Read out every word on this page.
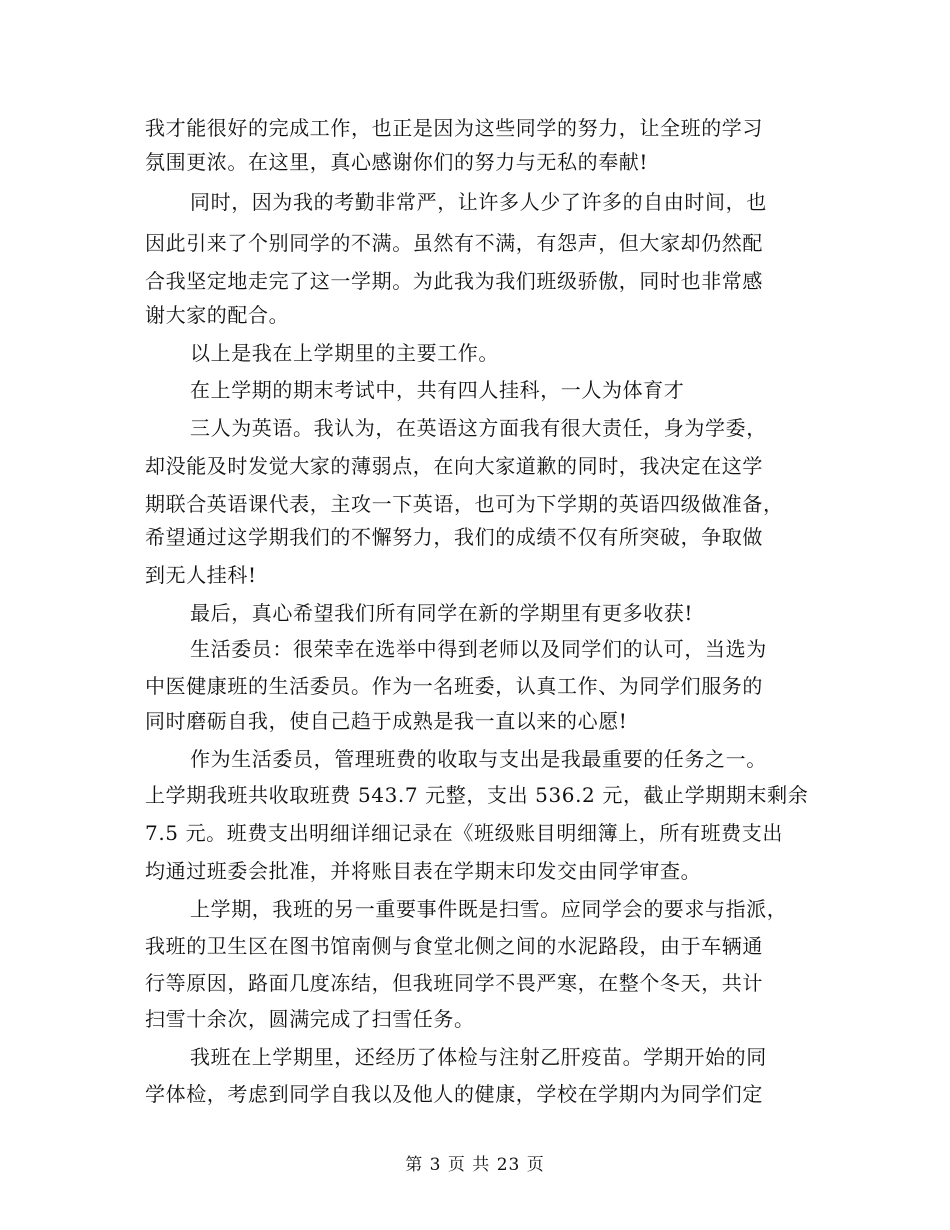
我才能很好的完成工作，也正是因为这些同学的努力，让全班的学习
氛围更浓。在这里，真心感谢你们的努力与无私的奉献!
同时，因为我的考勤非常严，让许多人少了许多的自由时间，也
因此引来了个别同学的不满。虽然有不满，有怨声，但大家却仍然配
合我坚定地走完了这一学期。为此我为我们班级骄傲，同时也非常感
谢大家的配合。
以上是我在上学期里的主要工作。
在上学期的期末考试中，共有四人挂科，一人为体育才
三人为英语。我认为，在英语这方面我有很大责任，身为学委，
却没能及时发觉大家的薄弱点，在向大家道歉的同时，我决定在这学
期联合英语课代表，主攻一下英语，也可为下学期的英语四级做准备，
希望通过这学期我们的不懈努力，我们的成绩不仅有所突破，争取做
到无人挂科!
最后，真心希望我们所有同学在新的学期里有更多收获!
生活委员：很荣幸在选举中得到老师以及同学们的认可，当选为
中医健康班的生活委员。作为一名班委，认真工作、为同学们服务的
同时磨砺自我，使自己趋于成熟是我一直以来的心愿!
作为生活委员，管理班费的收取与支出是我最重要的任务之一。
上学期我班共收取班费 543.7 元整，支出 536.2 元，截止学期期末剩余
7.5 元。班费支出明细详细记录在《班级账目明细簿上，所有班费支出
均通过班委会批准，并将账目表在学期末印发交由同学审查。
上学期，我班的另一重要事件既是扫雪。应同学会的要求与指派，
我班的卫生区在图书馆南侧与食堂北侧之间的水泥路段，由于车辆通
行等原因，路面几度冻结，但我班同学不畏严寒，在整个冬天，共计
扫雪十余次，圆满完成了扫雪任务。
我班在上学期里，还经历了体检与注射乙肝疫苗。学期开始的同
学体检，考虑到同学自我以及他人的健康，学校在学期内为同学们定
第 3 页 共 23 页
